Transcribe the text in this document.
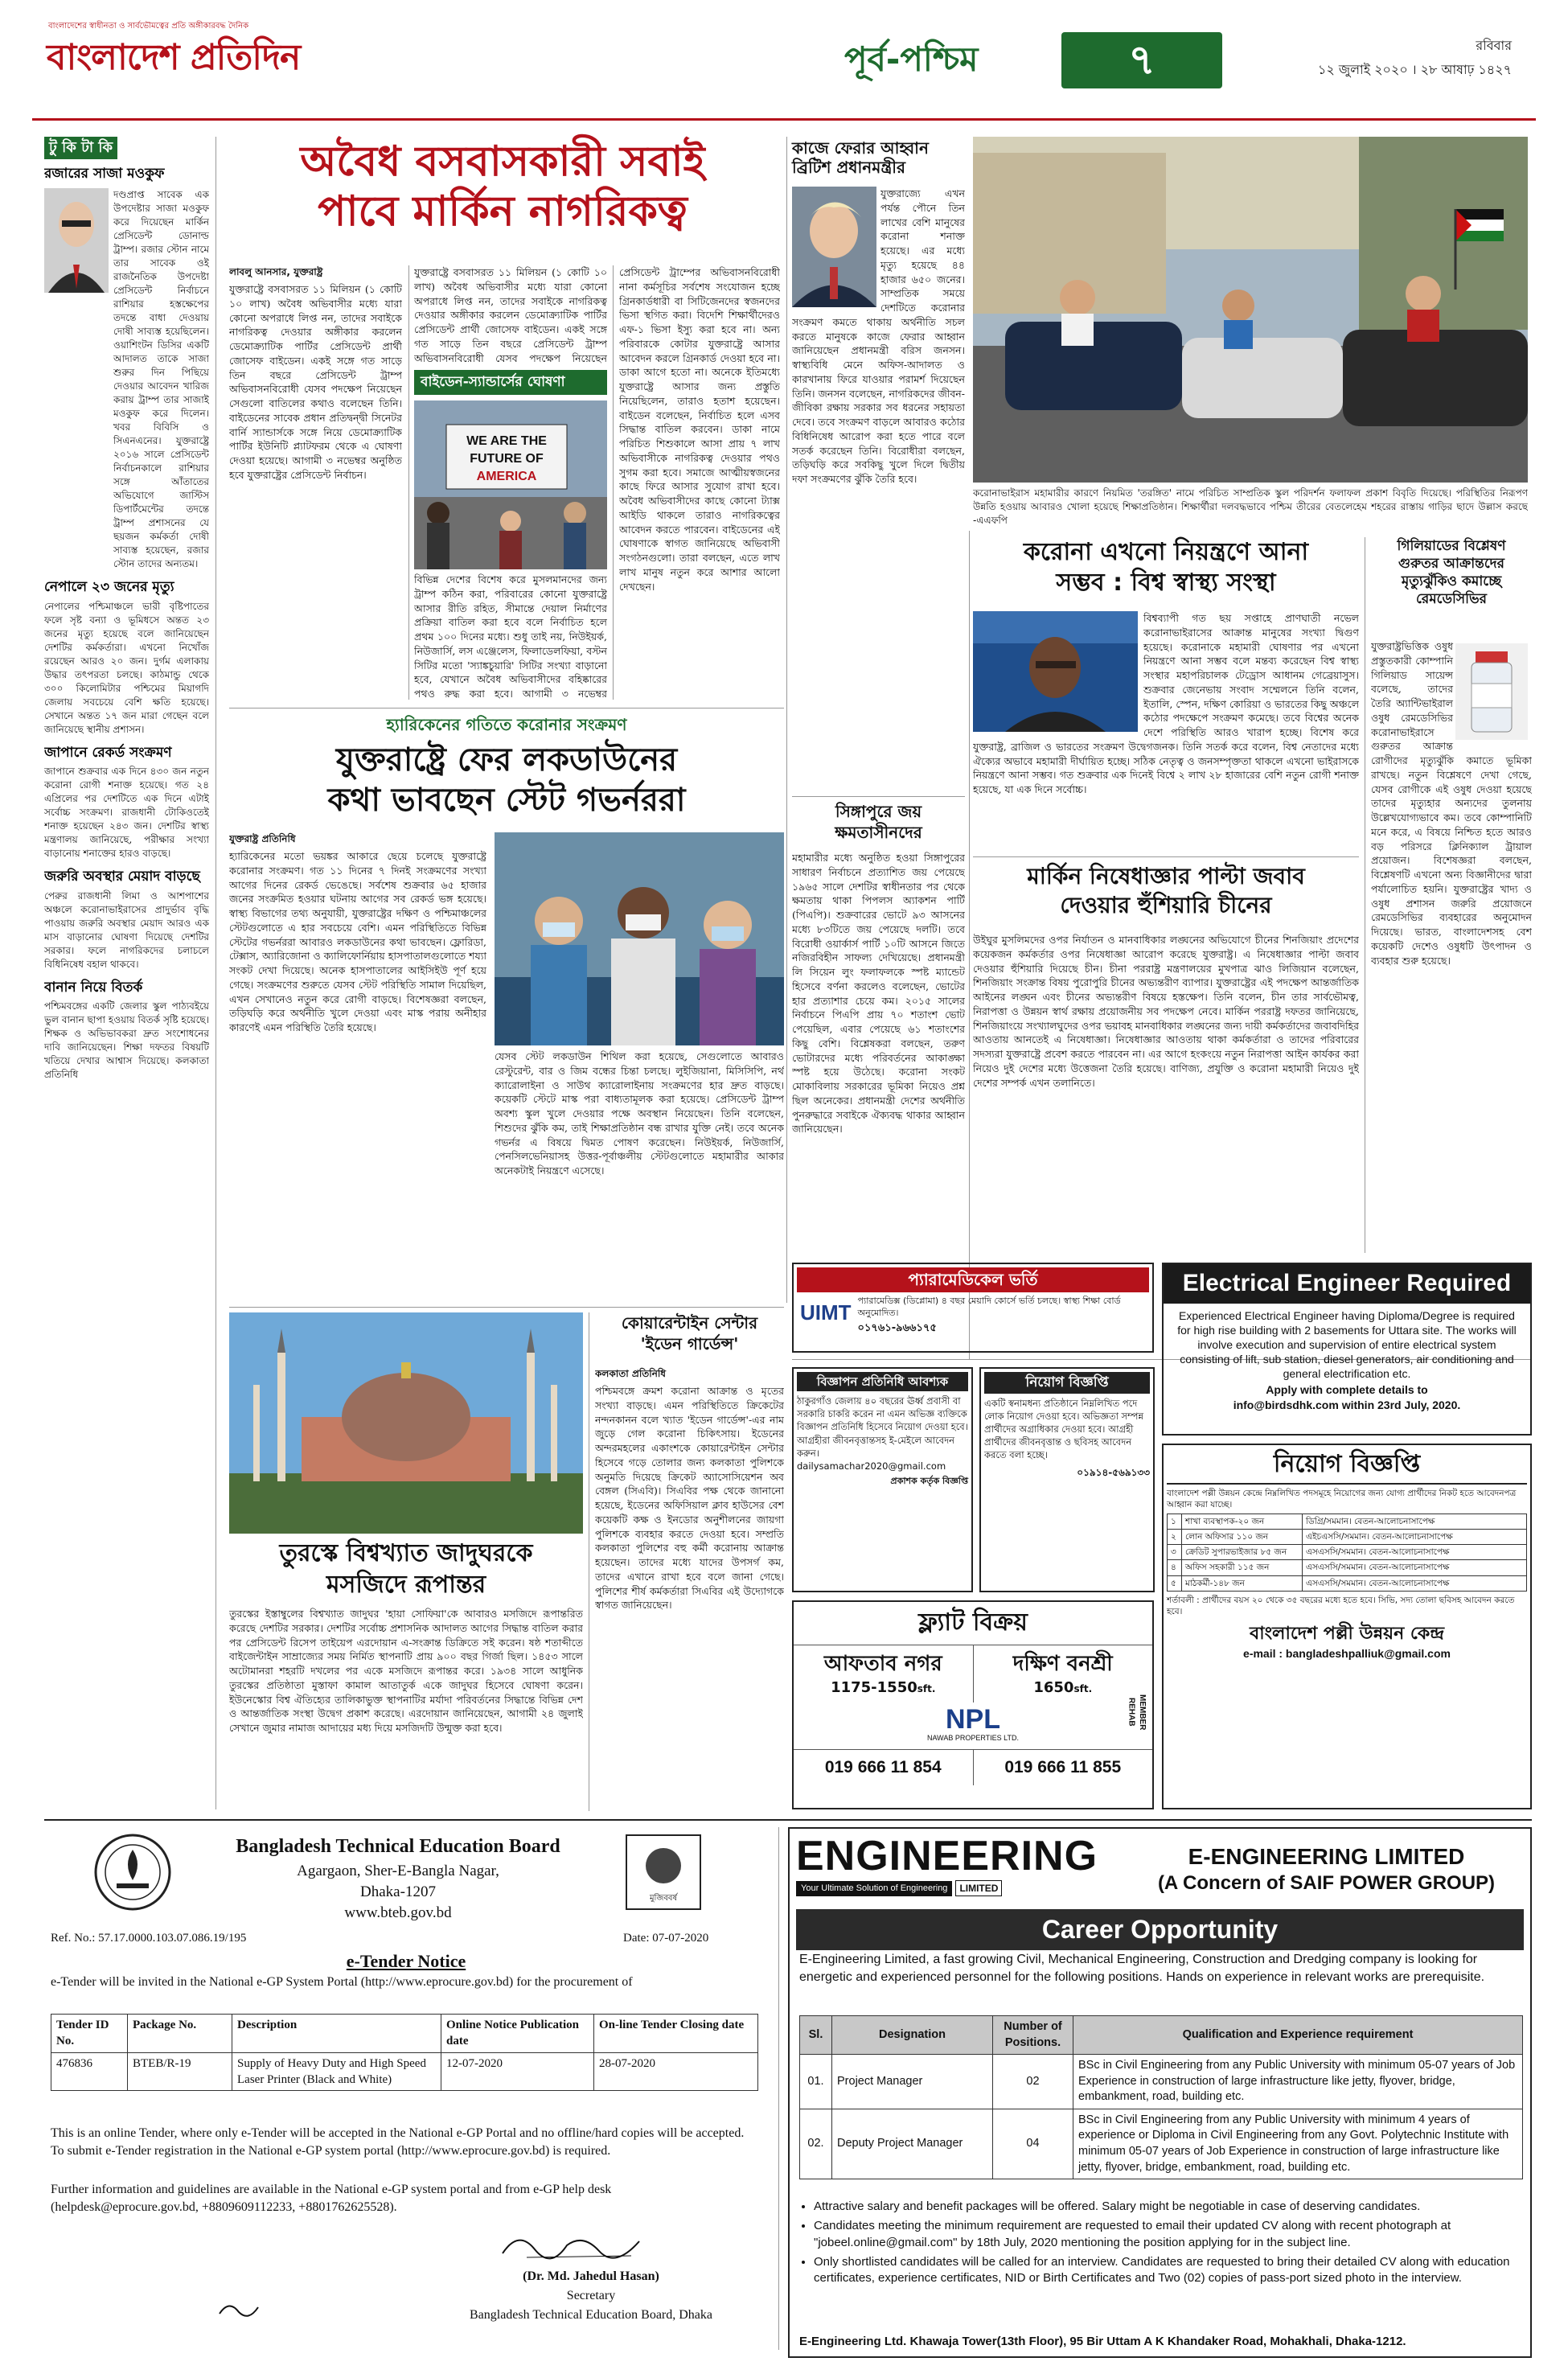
বাংলাদেশের স্বাধীনতা ও সার্বভৌমত্বের প্রতি অঙ্গীকারবদ্ধ দৈনিক
বাংলাদেশ প্রতিদিন	পূর্ব-পশ্চিম	৭	রবিবার
১২ জুলাই ২০২০ । ২৮ আষাঢ় ১৪২৭
টু কি টা কি
রজারের সাজা মওকুফ
দণ্ডপ্রাপ্ত সাবেক এক উপদেষ্টার সাজা মওকুফ করে দিয়েছেন মার্কিন প্রেসিডেন্ট ডোনাল্ড ট্রাম্প। রজার স্টোন নামে তার সাবেক ওই রাজনৈতিক উপদেষ্টা প্রেসিডেন্ট নির্বাচনে রাশিয়ার হস্তক্ষেপের তদন্তে বাধা দেওয়ায় দোষী সাব্যস্ত হয়েছিলেন। ওয়াশিংটন ডিসির একটি আদালত তাকে সাজা শুরুর দিন পিছিয়ে দেওয়ার আবেদন খারিজ করায় ট্রাম্প তার সাজাই মওকুফ করে দিলেন। খবর বিবিসি ও সিএনএনের। যুক্তরাষ্ট্রে ২০১৬ সালে প্রেসিডেন্ট নির্বাচনকালে রাশিয়ার সঙ্গে আঁতাতের অভিযোগে জাস্টিস ডিপার্টমেন্টের তদন্তে ট্রাম্প প্রশাসনের যে ছয়জন কর্মকর্তা দোষী সাব্যস্ত হয়েছেন, রজার স্টোন তাদের অন্যতম।
নেপালে ২৩ জনের মৃত্যু
নেপালের পশ্চিমাঞ্চলে ভারী বৃষ্টিপাতের ফলে সৃষ্ট বন্যা ও ভূমিধসে অন্তত ২৩ জনের মৃত্যু হয়েছে বলে জানিয়েছেন দেশটির কর্মকর্তারা। এখনো নিখোঁজ রয়েছেন আরও ২০ জন। দুর্গম এলাকায় উদ্ধার তৎপরতা চলছে। কাঠমান্ডু থেকে ৩০০ কিলোমিটার পশ্চিমের মিয়াগদি জেলায় সবচেয়ে বেশি ক্ষতি হয়েছে। সেখানে অন্তত ১৭ জন মারা গেছেন বলে জানিয়েছে স্থানীয় প্রশাসন।
জাপানে রেকর্ড সংক্রমণ
জাপানে শুক্রবার এক দিনে ৪৩০ জন নতুন করোনা রোগী শনাক্ত হয়েছে। গত ২৪ এপ্রিলের পর দেশটিতে এক দিনে এটাই সর্বোচ্চ সংক্রমণ। রাজধানী টোকিওতেই শনাক্ত হয়েছেন ২৪৩ জন। দেশটির স্বাস্থ্য মন্ত্রণালয় জানিয়েছে, পরীক্ষার সংখ্যা বাড়ানোয় শনাক্তের হারও বাড়ছে।
জরুরি অবস্থার মেয়াদ বাড়ছে
পেরুর রাজধানী লিমা ও আশপাশের অঞ্চলে করোনাভাইরাসের প্রাদুর্ভাব বৃদ্ধি পাওয়ায় জরুরি অবস্থার মেয়াদ আরও এক মাস বাড়ানোর ঘোষণা দিয়েছে দেশটির সরকার। ফলে নাগরিকদের চলাচলে বিধিনিষেধ বহাল থাকবে।
বানান নিয়ে বিতর্ক
পশ্চিমবঙ্গের একটি জেলার স্কুল পাঠ্যবইয়ে ভুল বানান ছাপা হওয়ায় বিতর্ক সৃষ্টি হয়েছে। শিক্ষক ও অভিভাবকরা দ্রুত সংশোধনের দাবি জানিয়েছেন। শিক্ষা দফতর বিষয়টি খতিয়ে দেখার আশ্বাস দিয়েছে। কলকাতা প্রতিনিধি
অবৈধ বসবাসকারী সবাই
পাবে মার্কিন নাগরিকত্ব
লাবলু আনসার, যুক্তরাষ্ট্র
যুক্তরাষ্ট্রে বসবাসরত ১১ মিলিয়ন (১ কোটি ১০ লাখ) অবৈধ অভিবাসীর মধ্যে যারা কোনো অপরাধে লিপ্ত নন, তাদের সবাইকে নাগরিকত্ব দেওয়ার অঙ্গীকার করলেন ডেমোক্র্যাটিক পার্টির প্রেসিডেন্ট প্রার্থী জোসেফ বাইডেন। একই সঙ্গে গত সাড়ে তিন বছরে প্রেসিডেন্ট ট্রাম্প অভিবাসনবিরোধী যেসব পদক্ষেপ নিয়েছেন সেগুলো বাতিলের কথাও বলেছেন তিনি। বাইডেনের সাবেক প্রধান প্রতিদ্বন্দ্বী সিনেটর বার্নি স্যান্ডার্সকে সঙ্গে নিয়ে ডেমোক্র্যাটিক পার্টির ইউনিটি প্ল্যাটফরম থেকে এ ঘোষণা দেওয়া হয়েছে। আগামী ৩ নভেম্বর অনুষ্ঠিত হবে যুক্তরাষ্ট্রের প্রেসিডেন্ট নির্বাচন।
বাইডেন-স্যান্ডার্সের ঘোষণা
যুক্তরাষ্ট্রে বসবাসরত ১১ মিলিয়ন (১ কোটি ১০ লাখ) অবৈধ অভিবাসীর মধ্যে যারা কোনো অপরাধে লিপ্ত নন, তাদের সবাইকে নাগরিকত্ব দেওয়ার অঙ্গীকার করলেন ডেমোক্র্যাটিক পার্টির প্রেসিডেন্ট প্রার্থী জোসেফ বাইডেন। একই সঙ্গে গত সাড়ে তিন বছরে প্রেসিডেন্ট ট্রাম্প অভিবাসনবিরোধী যেসব পদক্ষেপ নিয়েছেন
WE ARE THE
FUTURE OF
AMERICA
বিভিন্ন দেশের বিশেষ করে মুসলমানদের জন্য ট্রাম্প কঠিন করা, পরিবারের কোনো যুক্তরাষ্ট্রে আসার রীতি রহিত, সীমান্তে দেয়াল নির্মাণের প্রক্রিয়া বাতিল করা হবে বলে নির্বাচিত হলে প্রথম ১০০ দিনের মধ্যে। শুধু তাই নয়, নিউইয়র্ক, নিউজার্সি, লস এঞ্জেলেস, ফিলাডেলফিয়া, বস্টন সিটির মতো 'স্যাঙ্কচুয়ারি' সিটির সংখ্যা বাড়ানো হবে, যেখানে অবৈধ অভিবাসীদের বহিষ্কারের পথও রুদ্ধ করা হবে। আগামী ৩ নভেম্বর
প্রেসিডেন্ট ট্রাম্পের অভিবাসনবিরোধী নানা কর্মসূচির সর্বশেষ সংযোজন হচ্ছে গ্রিনকার্ডধারী বা সিটিজেনদের স্বজনদের ভিসা স্থগিত করা। বিদেশি শিক্ষার্থীদেরও এফ-১ ভিসা ইস্যু করা হবে না। অন্য পরিবারকে কোটার যুক্তরাষ্ট্রে আসার আবেদন করলে গ্রিনকার্ড দেওয়া হবে না। ডাকা আগে হতো না। অনেকে ইতিমধ্যে যুক্তরাষ্ট্রে আসার জন্য প্রস্তুতি নিয়েছিলেন, তারাও হতাশ হয়েছেন। বাইডেন বলেছেন, নির্বাচিত হলে এসব সিদ্ধান্ত বাতিল করবেন। ডাকা নামে পরিচিত শিশুকালে আসা প্রায় ৭ লাখ অভিবাসীকে নাগরিকত্ব দেওয়ার পথও সুগম করা হবে। সমাজে আত্মীয়স্বজনের কাছে ফিরে আসার সুযোগ রাখা হবে। অবৈধ অভিবাসীদের কাছে কোনো ট্যাক্স আইডি থাকলে তারাও নাগরিকত্বের আবেদন করতে পারবেন। বাইডেনের এই ঘোষণাকে স্বাগত জানিয়েছে অভিবাসী সংগঠনগুলো। তারা বলছেন, এতে লাখ লাখ মানুষ নতুন করে আশার আলো দেখছেন।
কাজে ফেরার আহ্বান
ব্রিটিশ প্রধানমন্ত্রীর
যুক্তরাজ্যে এখন পর্যন্ত পৌনে তিন লাখের বেশি মানুষের করোনা শনাক্ত হয়েছে। এর মধ্যে মৃত্যু হয়েছে ৪৪ হাজার ৬৫০ জনের। সাম্প্রতিক সময়ে দেশটিতে করোনার সংক্রমণ কমতে থাকায় অর্থনীতি সচল করতে মানুষকে কাজে ফেরার আহ্বান জানিয়েছেন প্রধানমন্ত্রী বরিস জনসন। স্বাস্থ্যবিধি মেনে অফিস-আদালত ও কারখানায় ফিরে যাওয়ার পরামর্শ দিয়েছেন তিনি। জনসন বলেছেন, নাগরিকদের জীবন-জীবিকা রক্ষায় সরকার সব ধরনের সহায়তা দেবে। তবে সংক্রমণ বাড়লে আবারও কঠোর বিধিনিষেধ আরোপ করা হতে পারে বলে সতর্ক করেছেন তিনি। বিরোধীরা বলছেন, তড়িঘড়ি করে সবকিছু খুলে দিলে দ্বিতীয় দফা সংক্রমণের ঝুঁকি তৈরি হবে।
করোনাভাইরাস মহামারীর কারণে নিয়মিত 'তরঙ্গিত' নামে পরিচিত সাম্প্রতিক স্কুল পরিদর্শন ফলাফল প্রকাশ বিবৃতি দিয়েছে। পরিস্থিতির নিরূপণ উন্নতি হওয়ায় আবারও খোলা হয়েছে শিক্ষাপ্রতিষ্ঠান। শিক্ষার্থীরা দলবদ্ধভাবে পশ্চিম তীরের বেতলেহেম শহরের রাস্তায় গাড়ির ছাদে উল্লাস করছে -এএফপি
করোনা এখনো নিয়ন্ত্রণে আনা
সম্ভব : বিশ্ব স্বাস্থ্য সংস্থা
বিশ্বব্যাপী গত ছয় সপ্তাহে প্রাণঘাতী নভেল করোনাভাইরাসের আক্রান্ত মানুষের সংখ্যা দ্বিগুণ হয়েছে। করোনাকে মহামারী ঘোষণার পর এখনো নিয়ন্ত্রণে আনা সম্ভব বলে মন্তব্য করেছেন বিশ্ব স্বাস্থ্য সংস্থার মহাপরিচালক টেড্রোস আধানম গেব্রেয়াসুস। শুক্রবার জেনেভায় সংবাদ সম্মেলনে তিনি বলেন, ইতালি, স্পেন, দক্ষিণ কোরিয়া ও ভারতের কিছু অঞ্চলে কঠোর পদক্ষেপে সংক্রমণ কমেছে। তবে বিশ্বের অনেক দেশে পরিস্থিতি আরও খারাপ হচ্ছে। বিশেষ করে যুক্তরাষ্ট্র, ব্রাজিল ও ভারতের সংক্রমণ উদ্বেগজনক। তিনি সতর্ক করে বলেন, বিশ্ব নেতাদের মধ্যে ঐক্যের অভাবে মহামারী দীর্ঘায়িত হচ্ছে। সঠিক নেতৃত্ব ও জনসম্পৃক্ততা থাকলে এখনো ভাইরাসকে নিয়ন্ত্রণে আনা সম্ভব। গত শুক্রবার এক দিনেই বিশ্বে ২ লাখ ২৮ হাজারের বেশি নতুন রোগী শনাক্ত হয়েছে, যা এক দিনে সর্বোচ্চ।
গিলিয়াডের বিশ্লেষণ
গুরুতর আক্রান্তদের
মৃত্যুঝুঁকিও কমাচ্ছে
রেমডেসিভির
যুক্তরাষ্ট্রভিত্তিক ওষুধ প্রস্তুতকারী কোম্পানি গিলিয়াড সায়েন্স বলেছে, তাদের তৈরি অ্যান্টিভাইরাল ওষুধ রেমডেসিভির করোনাভাইরাসে গুরুতর আক্রান্ত রোগীদের মৃত্যুঝুঁকি কমাতে ভূমিকা রাখছে। নতুন বিশ্লেষণে দেখা গেছে, যেসব রোগীকে এই ওষুধ দেওয়া হয়েছে তাদের মৃত্যুহার অন্যদের তুলনায় উল্লেখযোগ্যভাবে কম। তবে কোম্পানিটি মনে করে, এ বিষয়ে নিশ্চিত হতে আরও বড় পরিসরে ক্লিনিক্যাল ট্রায়াল প্রয়োজন। বিশেষজ্ঞরা বলছেন, বিশ্লেষণটি এখনো অন্য বিজ্ঞানীদের দ্বারা পর্যালোচিত হয়নি। যুক্তরাষ্ট্রের খাদ্য ও ওষুধ প্রশাসন জরুরি প্রয়োজনে রেমডেসিভির ব্যবহারের অনুমোদন দিয়েছে। ভারত, বাংলাদেশসহ বেশ কয়েকটি দেশেও ওষুধটি উৎপাদন ও ব্যবহার শুরু হয়েছে।
হ্যারিকেনের গতিতে করোনার সংক্রমণ
যুক্তরাষ্ট্রে ফের লকডাউনের
কথা ভাবছেন স্টেট গভর্নররা
যুক্তরাষ্ট্র প্রতিনিধি
হ্যারিকেনের মতো ভয়ঙ্কর আকারে ছেয়ে চলেছে যুক্তরাষ্ট্রে করোনার সংক্রমণ। গত ১১ দিনের ৭ দিনই সংক্রমণের সংখ্যা আগের দিনের রেকর্ড ভেঙেছে। সর্বশেষ শুক্রবার ৬৫ হাজার জনের সংক্রমিত হওয়ার ঘটনায় আগের সব রেকর্ড ভঙ্গ হয়েছে। স্বাস্থ্য বিভাগের তথ্য অনুযায়ী, যুক্তরাষ্ট্রের দক্ষিণ ও পশ্চিমাঞ্চলের স্টেটগুলোতে এ হার সবচেয়ে বেশি। এমন পরিস্থিতিতে বিভিন্ন স্টেটের গভর্নররা আবারও লকডাউনের কথা ভাবছেন। ফ্লোরিডা, টেক্সাস, অ্যারিজোনা ও ক্যালিফোর্নিয়ায় হাসপাতালগুলোতে শয্যা সংকট দেখা দিয়েছে। অনেক হাসপাতালের আইসিইউ পূর্ণ হয়ে গেছে। সংক্রমণের শুরুতে যেসব স্টেট পরিস্থিতি সামাল দিয়েছিল, এখন সেখানেও নতুন করে রোগী বাড়ছে। বিশেষজ্ঞরা বলছেন, তড়িঘড়ি করে অর্থনীতি খুলে দেওয়া এবং মাস্ক পরায় অনীহার কারণেই এমন পরিস্থিতি তৈরি হয়েছে।
যেসব স্টেট লকডাউন শিথিল করা হয়েছে, সেগুলোতে আবারও রেস্টুরেন্ট, বার ও জিম বন্ধের চিন্তা চলছে। লুইজিয়ানা, মিসিসিপি, নর্থ ক্যারোলাইনা ও সাউথ ক্যারোলাইনায় সংক্রমণের হার দ্রুত বাড়ছে। কয়েকটি স্টেটে মাস্ক পরা বাধ্যতামূলক করা হয়েছে। প্রেসিডেন্ট ট্রাম্প অবশ্য স্কুল খুলে দেওয়ার পক্ষে অবস্থান নিয়েছেন। তিনি বলেছেন, শিশুদের ঝুঁকি কম, তাই শিক্ষাপ্রতিষ্ঠান বন্ধ রাখার যুক্তি নেই। তবে অনেক গভর্নর এ বিষয়ে দ্বিমত পোষণ করেছেন। নিউইয়র্ক, নিউজার্সি, পেনসিলভেনিয়াসহ উত্তর-পূর্বাঞ্চলীয় স্টেটগুলোতে মহামারীর আকার অনেকটাই নিয়ন্ত্রণে এসেছে।
তুরস্কে বিশ্বখ্যাত জাদুঘরকে
মসজিদে রূপান্তর
তুরস্কের ইস্তাম্বুলের বিশ্বখ্যাত জাদুঘর 'হায়া সোফিয়া'কে আবারও মসজিদে রূপান্তরিত করেছে দেশটির সরকার। দেশটির সর্বোচ্চ প্রশাসনিক আদালত আগের সিদ্ধান্ত বাতিল করার পর প্রেসিডেন্ট রিসেপ তাইয়েপ এরদোয়ান এ-সংক্রান্ত ডিক্রিতে সই করেন। ষষ্ঠ শতাব্দীতে বাইজেন্টাইন সাম্রাজ্যের সময় নির্মিত স্থাপনাটি প্রায় ৯০০ বছর গির্জা ছিল। ১৪৫৩ সালে অটোমানরা শহরটি দখলের পর একে মসজিদে রূপান্তর করে। ১৯৩৪ সালে আধুনিক তুরস্কের প্রতিষ্ঠাতা মুস্তাফা কামাল আতাতুর্ক একে জাদুঘর হিসেবে ঘোষণা করেন। ইউনেস্কোর বিশ্ব ঐতিহ্যের তালিকাভুক্ত স্থাপনাটির মর্যাদা পরিবর্তনের সিদ্ধান্তে বিভিন্ন দেশ ও আন্তর্জাতিক সংস্থা উদ্বেগ প্রকাশ করেছে। এরদোয়ান জানিয়েছেন, আগামী ২৪ জুলাই সেখানে জুমার নামাজ আদায়ের মধ্য দিয়ে মসজিদটি উন্মুক্ত করা হবে।
কোয়ারেন্টাইন সেন্টার
'ইডেন গার্ডেন্স'
কলকাতা প্রতিনিধি
পশ্চিমবঙ্গে ক্রমশ করোনা আক্রান্ত ও মৃতের সংখ্যা বাড়ছে। এমন পরিস্থিতিতে ক্রিকেটের নন্দনকানন বলে খ্যাত 'ইডেন গার্ডেন্স'-এর নাম জুড়ে গেল করোনা চিকিৎসায়। ইডেনের অন্দরমহলের একাংশকে কোয়ারেন্টাইন সেন্টার হিসেবে গড়ে তোলার জন্য কলকাতা পুলিশকে অনুমতি দিয়েছে ক্রিকেট অ্যাসোসিয়েশন অব বেঙ্গল (সিএবি)। সিএবির পক্ষ থেকে জানানো হয়েছে, ইডেনের অফিসিয়াল ক্লাব হাউসের বেশ কয়েকটি কক্ষ ও ইনডোর অনুশীলনের জায়গা পুলিশকে ব্যবহার করতে দেওয়া হবে। সম্প্রতি কলকাতা পুলিশের বহু কর্মী করোনায় আক্রান্ত হয়েছেন। তাদের মধ্যে যাদের উপসর্গ কম, তাদের এখানে রাখা হবে বলে জানা গেছে। পুলিশের শীর্ষ কর্মকর্তারা সিএবির এই উদ্যোগকে স্বাগত জানিয়েছেন।
সিঙ্গাপুরে জয়
ক্ষমতাসীনদের
মহামারীর মধ্যে অনুষ্ঠিত হওয়া সিঙ্গাপুরের সাধারণ নির্বাচনে প্রত্যাশিত জয় পেয়েছে ১৯৬৫ সালে দেশটির স্বাধীনতার পর থেকে ক্ষমতায় থাকা পিপলস অ্যাকশন পার্টি (পিএপি)। শুক্রবারের ভোটে ৯৩ আসনের মধ্যে ৮৩টিতে জয় পেয়েছে দলটি। তবে বিরোধী ওয়ার্কার্স পার্টি ১০টি আসনে জিতে নজিরবিহীন সাফল্য দেখিয়েছে। প্রধানমন্ত্রী লি সিয়েন লুং ফলাফলকে স্পষ্ট ম্যান্ডেট হিসেবে বর্ণনা করলেও বলেছেন, ভোটের হার প্রত্যাশার চেয়ে কম। ২০১৫ সালের নির্বাচনে পিএপি প্রায় ৭০ শতাংশ ভোট পেয়েছিল, এবার পেয়েছে ৬১ শতাংশের কিছু বেশি। বিশ্লেষকরা বলছেন, তরুণ ভোটারদের মধ্যে পরিবর্তনের আকাঙ্ক্ষা স্পষ্ট হয়ে উঠেছে। করোনা সংকট মোকাবিলায় সরকারের ভূমিকা নিয়েও প্রশ্ন ছিল অনেকের। প্রধানমন্ত্রী দেশের অর্থনীতি পুনরুদ্ধারে সবাইকে ঐক্যবদ্ধ থাকার আহ্বান জানিয়েছেন।
মার্কিন নিষেধাজ্ঞার পাল্টা জবাব
দেওয়ার হুঁশিয়ারি চীনের
উইঘুর মুসলিমদের ওপর নির্যাতন ও মানবাধিকার লঙ্ঘনের অভিযোগে চীনের শিনজিয়াং প্রদেশের কয়েকজন কর্মকর্তার ওপর নিষেধাজ্ঞা আরোপ করেছে যুক্তরাষ্ট্র। এ নিষেধাজ্ঞার পাল্টা জবাব দেওয়ার হুঁশিয়ারি দিয়েছে চীন। চীনা পররাষ্ট্র মন্ত্রণালয়ের মুখপাত্র ঝাও লিজিয়ান বলেছেন, শিনজিয়াং সংক্রান্ত বিষয় পুরোপুরি চীনের অভ্যন্তরীণ ব্যাপার। যুক্তরাষ্ট্রের এই পদক্ষেপ আন্তর্জাতিক আইনের লঙ্ঘন এবং চীনের অভ্যন্তরীণ বিষয়ে হস্তক্ষেপ। তিনি বলেন, চীন তার সার্বভৌমত্ব, নিরাপত্তা ও উন্নয়ন স্বার্থ রক্ষায় প্রয়োজনীয় সব পদক্ষেপ নেবে। মার্কিন পররাষ্ট্র দফতর জানিয়েছে, শিনজিয়াংয়ে সংখ্যালঘুদের ওপর ভয়াবহ মানবাধিকার লঙ্ঘনের জন্য দায়ী কর্মকর্তাদের জবাবদিহির আওতায় আনতেই এ নিষেধাজ্ঞা। নিষেধাজ্ঞার আওতায় থাকা কর্মকর্তারা ও তাদের পরিবারের সদস্যরা যুক্তরাষ্ট্রে প্রবেশ করতে পারবেন না। এর আগে হংকংয়ে নতুন নিরাপত্তা আইন কার্যকর করা নিয়েও দুই দেশের মধ্যে উত্তেজনা তৈরি হয়েছে। বাণিজ্য, প্রযুক্তি ও করোনা মহামারী নিয়েও দুই দেশের সম্পর্ক এখন তলানিতে।
প্যারামেডিকেল ভর্তি
UIMT প্যারামেডিক্স (ডিপ্লোমা) ৪ বছর মেয়াদি কোর্সে ভর্তি চলছে। স্বাস্থ্য শিক্ষা বোর্ড অনুমোদিত।
০১৭৬১-৯৬৬১৭৫
বিজ্ঞাপন প্রতিনিধি আবশ্যক
ঠাকুরগাঁও জেলায় ৪০ বছরের ঊর্ধ্ব প্রবাসী বা সরকারি চাকরি করেন না এমন অভিজ্ঞ ব্যক্তিকে বিজ্ঞাপন প্রতিনিধি হিসেবে নিয়োগ দেওয়া হবে। আগ্রহীরা জীবনবৃত্তান্তসহ ই-মেইলে আবেদন করুন। dailysamachar2020@gmail.com
প্রকাশক কর্তৃক বিজ্ঞপ্তি
নিয়োগ বিজ্ঞপ্তি
একটি স্বনামধন্য প্রতিষ্ঠানে নিম্নলিখিত পদে লোক নিয়োগ দেওয়া হবে। অভিজ্ঞতা সম্পন্ন প্রার্থীদের অগ্রাধিকার দেওয়া হবে। আগ্রহী প্রার্থীদের জীবনবৃত্তান্ত ও ছবিসহ আবেদন করতে বলা হচ্ছে।
০১৯১৪-৫৬৯১৩৩
ফ্ল্যাট বিক্রয়
আফতাব নগর
1175-1550sft.
দক্ষিণ বনশ্রী
1650sft.
NPL
NAWAB PROPERTIES LTD.
MEMBER REHAB
019 666 11 854	019 666 11 855
Electrical Engineer Required
Experienced Electrical Engineer having Diploma/Degree is required for high rise building with 2 basements for Uttara site. The works will involve execution and supervision of entire electrical system consisting of lift, sub station, diesel generators, air conditioning and general electrification etc.
Apply with complete details to
info@birdsdhk.com within 23rd July, 2020.
নিয়োগ বিজ্ঞপ্তি
বাংলাদেশ পল্লী উন্নয়ন কেন্দ্রে নিম্নলিখিত পদসমূহে নিয়োগের জন্য যোগ্য প্রার্থীদের নিকট হতে আবেদনপত্র আহ্বান করা যাচ্ছে।
১	শাখা ব্যবস্থাপক-২০ জন	ডিগ্রি/সমমান। বেতন-আলোচনাসাপেক্ষ
২	লোন অফিসার ১১০ জন	এইচএসসি/সমমান। বেতন-আলোচনাসাপেক্ষ
৩	ক্রেডিট সুপারভাইজার ৮৫ জন	এসএসসি/সমমান। বেতন-আলোচনাসাপেক্ষ
৪	অফিস সহকারী ১১৫ জন	এসএসসি/সমমান। বেতন-আলোচনাসাপেক্ষ
৫	মাঠকর্মী-১৪৮ জন	এসএসসি/সমমান। বেতন-আলোচনাসাপেক্ষ
শর্তাবলী : প্রার্থীদের বয়স ২০ থেকে ৩৫ বছরের মধ্যে হতে হবে। সিভি, সদ্য তোলা ছবিসহ আবেদন করতে হবে।
বাংলাদেশ পল্লী উন্নয়ন কেন্দ্র
e-mail : bangladeshpalliuk@gmail.com
মুজিববর্ষ
Bangladesh Technical Education Board
Agargaon, Sher-E-Bangla Nagar,
Dhaka-1207
www.bteb.gov.bd
Ref. No.: 57.17.0000.103.07.086.19/195	Date: 07-07-2020
e-Tender Notice
e-Tender will be invited in the National e-GP System Portal (http://www.eprocure.gov.bd) for the procurement of
Tender ID No.	Package No.	Description	Online Notice Publication date	On-line Tender Closing date
476836	BTEB/R-19	Supply of Heavy Duty and High Speed Laser Printer (Black and White)	12-07-2020	28-07-2020
This is an online Tender, where only e-Tender will be accepted in the National e-GP Portal and no offline/hard copies will be accepted. To submit e-Tender registration in the National e-GP system portal (http://www.eprocure.gov.bd) is required.
Further information and guidelines are available in the National e-GP system portal and from e-GP help desk (helpdesk@eprocure.gov.bd, +8809609112233, +8801762625528).
(Dr. Md. Jahedul Hasan)
Secretary
Bangladesh Technical Education Board, Dhaka
ENGINEERING
Your Ultimate Solution of Engineering	LIMITED
E-ENGINEERING LIMITED
(A Concern of SAIF POWER GROUP)
Career Opportunity
E-Engineering Limited, a fast growing Civil, Mechanical Engineering, Construction and Dredging company is looking for energetic and experienced personnel for the following positions. Hands on experience in relevant works are prerequisite.
Sl.	Designation	Number of Positions.	Qualification and Experience requirement
01.	Project Manager	02	BSc in Civil Engineering from any Public University with minimum 05-07 years of Job Experience in construction of large infrastructure like jetty, flyover, bridge, embankment, road, building etc.
02.	Deputy Project Manager	04	BSc in Civil Engineering from any Public University with minimum 4 years of experience or Diploma in Civil Engineering from any Govt. Polytechnic Institute with minimum 05-07 years of Job Experience in construction of large infrastructure like jetty, flyover, bridge, embankment, road, building etc.
• Attractive salary and benefit packages will be offered. Salary might be negotiable in case of deserving candidates.
• Candidates meeting the minimum requirement are requested to email their updated CV along with recent photograph at "jobeel.online@gmail.com" by 18th July, 2020 mentioning the position applying for in the subject line.
• Only shortlisted candidates will be called for an interview. Candidates are requested to bring their detailed CV along with education certificates, experience certificates, NID or Birth Certificates and Two (02) copies of pass-port sized photo in the interview.
E-Engineering Ltd. Khawaja Tower(13th Floor), 95 Bir Uttam A K Khandaker Road, Mohakhali, Dhaka-1212.
